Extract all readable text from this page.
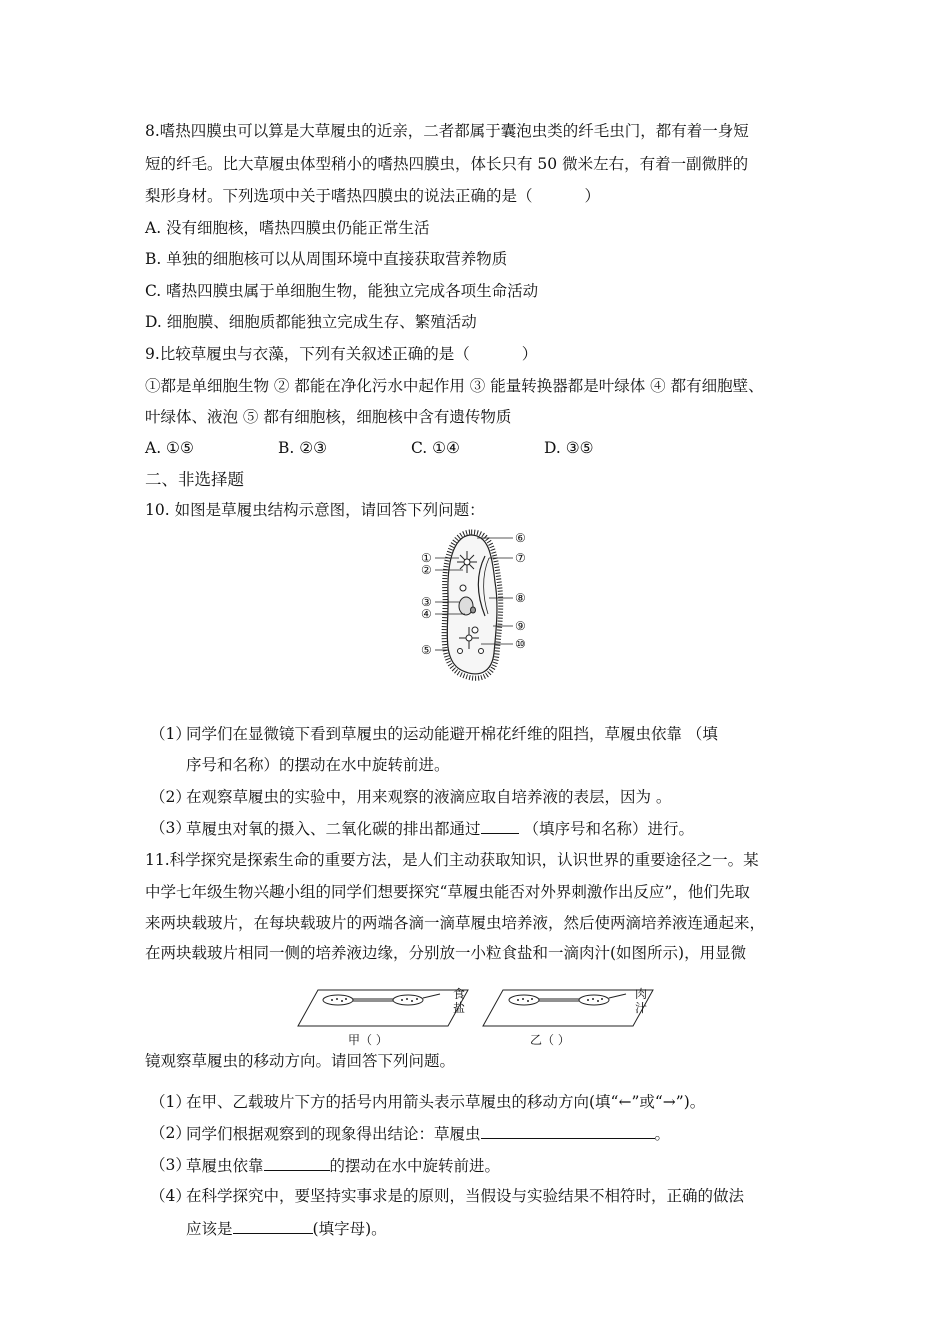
8.嗜热四膜虫可以算是大草履虫的近亲，二者都属于囊泡虫类的纤毛虫门，都有着一身短
短的纤毛。比大草履虫体型稍小的嗜热四膜虫，体长只有 50 微米左右，有着一副微胖的
梨形身材。下列选项中关于嗜热四膜虫的说法正确的是（	）
A. 没有细胞核，嗜热四膜虫仍能正常生活
B. 单独的细胞核可以从周围环境中直接获取营养物质
C. 嗜热四膜虫属于单细胞生物，能独立完成各项生命活动
D. 细胞膜、细胞质都能独立完成生存、繁殖活动
9.比较草履虫与衣藻，下列有关叙述正确的是（	）
①都是单细胞生物 ② 都能在净化污水中起作用 ③ 能量转换器都是叶绿体 ④ 都有细胞壁、
叶绿体、液泡 ⑤ 都有细胞核，细胞核中含有遗传物质
A. ①⑤	B. ②③	C. ①④	D. ③⑤
二、非选择题
10. 如图是草履虫结构示意图，请回答下列问题：
①
②
③
④
⑤
⑥
⑦
⑧
⑨
⑩
（1）
同学们在显微镜下看到草履虫的运动能避开棉花纤维的阻挡，草履虫依靠 （填
序号和名称）的摆动在水中旋转前进。
（2）
在观察草履虫的实验中，用来观察的液滴应取自培养液的表层，因为 。
（3）
草履虫对氧的摄入、二氧化碳的排出都通过 （填序号和名称）进行。
11.科学探究是探索生命的重要方法，是人们主动获取知识，认识世界的重要途径之一。某
中学七年级生物兴趣小组的同学们想要探究“草履虫能否对外界刺激作出反应”，他们先取
来两块载玻片，在每块载玻片的两端各滴一滴草履虫培养液，然后使两滴培养液连通起来，
在两块载玻片相同一侧的培养液边缘，分别放一小粒食盐和一滴肉汁(如图所示)，用显微
食
盐
甲（ ）
肉
汁
乙（ ）
镜观察草履虫的移动方向。请回答下列问题。
（1）
在甲、乙载玻片下方的括号内用箭头表示草履虫的移动方向(填“←”或“→”)。
（2）
同学们根据观察到的现象得出结论：草履虫	。
（3）
草履虫依靠	的摆动在水中旋转前进。
（4）
在科学探究中，要坚持实事求是的原则，当假设与实验结果不相符时，正确的做法
应该是	(填字母)。
